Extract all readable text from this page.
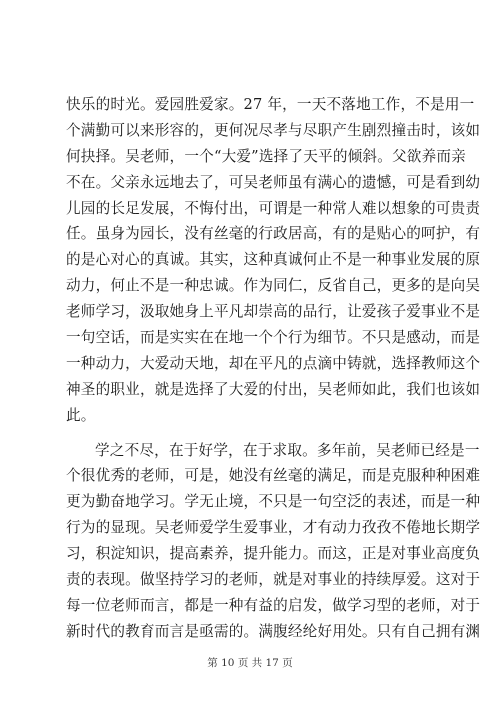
快乐的时光。爱园胜爱家。27 年，一天不落地工作，不是用一
个满勤可以来形容的，更何况尽孝与尽职产生剧烈撞击时，该如
何抉择。吴老师，一个“大爱”选择了天平的倾斜。父欲养而亲
不在。父亲永远地去了，可吴老师虽有满心的遗憾，可是看到幼
儿园的长足发展，不悔付出，可谓是一种常人难以想象的可贵责
任。虽身为园长，没有丝毫的行政居高，有的是贴心的呵护，有
的是心对心的真诚。其实，这种真诚何止不是一种事业发展的原
动力，何止不是一种忠诚。作为同仁，反省自己，更多的是向吴
老师学习，汲取她身上平凡却崇高的品行，让爱孩子爱事业不是
一句空话，而是实实在在地一个个行为细节。不只是感动，而是
一种动力，大爱动天地，却在平凡的点滴中铸就，选择教师这个
神圣的职业，就是选择了大爱的付出，吴老师如此，我们也该如
此。
学之不尽，在于好学，在于求取。多年前，吴老师已经是一
个很优秀的老师，可是，她没有丝毫的满足，而是克服种种困难
更为勤奋地学习。学无止境，不只是一句空泛的表述，而是一种
行为的显现。吴老师爱学生爱事业，才有动力孜孜不倦地长期学
习，积淀知识，提高素养，提升能力。而这，正是对事业高度负
责的表现。做坚持学习的老师，就是对事业的持续厚爱。这对于
每一位老师而言，都是一种有益的启发，做学习型的老师，对于
新时代的教育而言是亟需的。满腹经纶好用处。只有自己拥有渊
第 10 页 共 17 页
